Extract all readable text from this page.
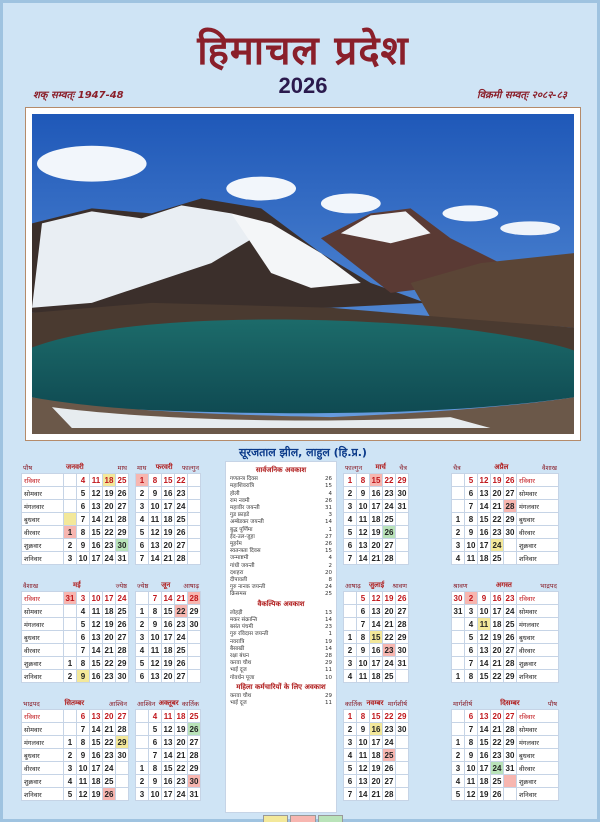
हिमाचल प्रदेश
शक् सम्वत्ः 1947-48	2026	विक्रमी सम्वत्ः २०८२-८३
सूरजताल झील, लाहुल (हि.प्र.)
पौष	जनवरी	माघ
रविवार		4	11	18	25
सोमवार		5	12	19	26
मंगलवार		6	13	20	27
बुधवार		7	14	21	28
वीरवार	1	8	15	22	29
शुक्रवार	2	9	16	23	30
शनिवार	3	10	17	24	31
माघ फरवरी फाल्गुन
1	8	15	22	
2	9	16	23	
3	10	17	24	
4	11	18	25	
5	12	19	26	
6	13	20	27	
7	14	21	28	
फाल्गुन मार्च चैत्र
1	8	15	22	29
2	9	16	23	30
3	10	17	24	31
4	11	18	25	
5	12	19	26	
6	13	20	27	
7	14	21	28	
चैत्र	अप्रैल	वैशाख
	5	12	19	26	रविवार
	6	13	20	27	सोमवार
	7	14	21	28	मंगलवार
1	8	15	22	29	बुधवार
2	9	16	23	30	वीरवार
3	10	17	24		शुक्रवार
4	11	18	25		शनिवार
वैशाख	मई	ज्येष्ठ
रविवार	31	3	10	17	24
सोमवार		4	11	18	25
मंगलवार		5	12	19	26
बुधवार		6	13	20	27
वीरवार		7	14	21	28
शुक्रवार	1	8	15	22	29
शनिवार	2	9	16	23	30
ज्येष्ठ जून आषाढ़
	7	14	21	28
1	8	15	22	29
2	9	16	23	30
3	10	17	24	
4	11	18	25	
5	12	19	26	
6	13	20	27	
आषाढ़ जुलाई श्रावण
	5	12	19	26
	6	13	20	27
	7	14	21	28
1	8	15	22	29
2	9	16	23	30
3	10	17	24	31
4	11	18	25	
श्रावण	अगस्त	भाद्रपद
30	2	9	16	23	रविवार
31	3	10	17	24	सोमवार
	4	11	18	25	मंगलवार
	5	12	19	26	बुधवार
	6	13	20	27	वीरवार
	7	14	21	28	शुक्रवार
1	8	15	22	29	शनिवार
भाद्रपद	सितम्बर	आश्विन
रविवार		6	13	20	27
सोमवार		7	14	21	28
मंगलवार	1	8	15	22	29
बुधवार	2	9	16	23	30
वीरवार	3	10	17	24	
शुक्रवार	4	11	18	25	
शनिवार	5	12	19	26	
आश्विन अक्तूबर कार्तिक
	4	11	18	25
	5	12	19	26
	6	13	20	27
	7	14	21	28
1	8	15	22	29
2	9	16	23	30
3	10	17	24	31
कार्तिक नवम्बर मार्गशीर्ष
1	8	15	22	29
2	9	16	23	30
3	10	17	24	
4	11	18	25	
5	12	19	26	
6	13	20	27	
7	14	21	28	
मार्गशीर्ष	दिसम्बर	पौष
	6	13	20	27	रविवार
	7	14	21	28	सोमवार
1	8	15	22	29	मंगलवार
2	9	16	23	30	बुधवार
3	10	17	24	31	वीरवार
4	11	18	25		शुक्रवार
5	12	19	26		शनिवार
सार्वजनिक अवकाश
गणतन्त्र दिवस	26
महाशिवरात्रि	15
होली	4
राम नवमी	26
महावीर जयन्ती	31
गुड फ्राइडे	3
अम्बेडकर जयन्ती	14
बुद्ध पूर्णिमा	1
ईद-उल-जुहा	27
मुहर्रम	26
स्वतन्त्रता दिवस	15
जन्माष्टमी	4
गांधी जयन्ती	2
दशहरा	20
दीपावली	8
गुरु नानक जयन्ती	24
क्रिसमस	25
वैकल्पिक अवकाश
लोहड़ी	13
मकर संक्रान्ति	14
बसंत पंचमी	23
गुरु रविदास जयन्ती	1
नवरात्रि	19
बैसाखी	14
रक्षा बंधन	28
करवा चौथ	29
भाई दूज	11
गोवर्धन पूजा	10
महिला कर्मचारियों के लिए अवकाश
करवा चौथ	29
भाई दूज	11
